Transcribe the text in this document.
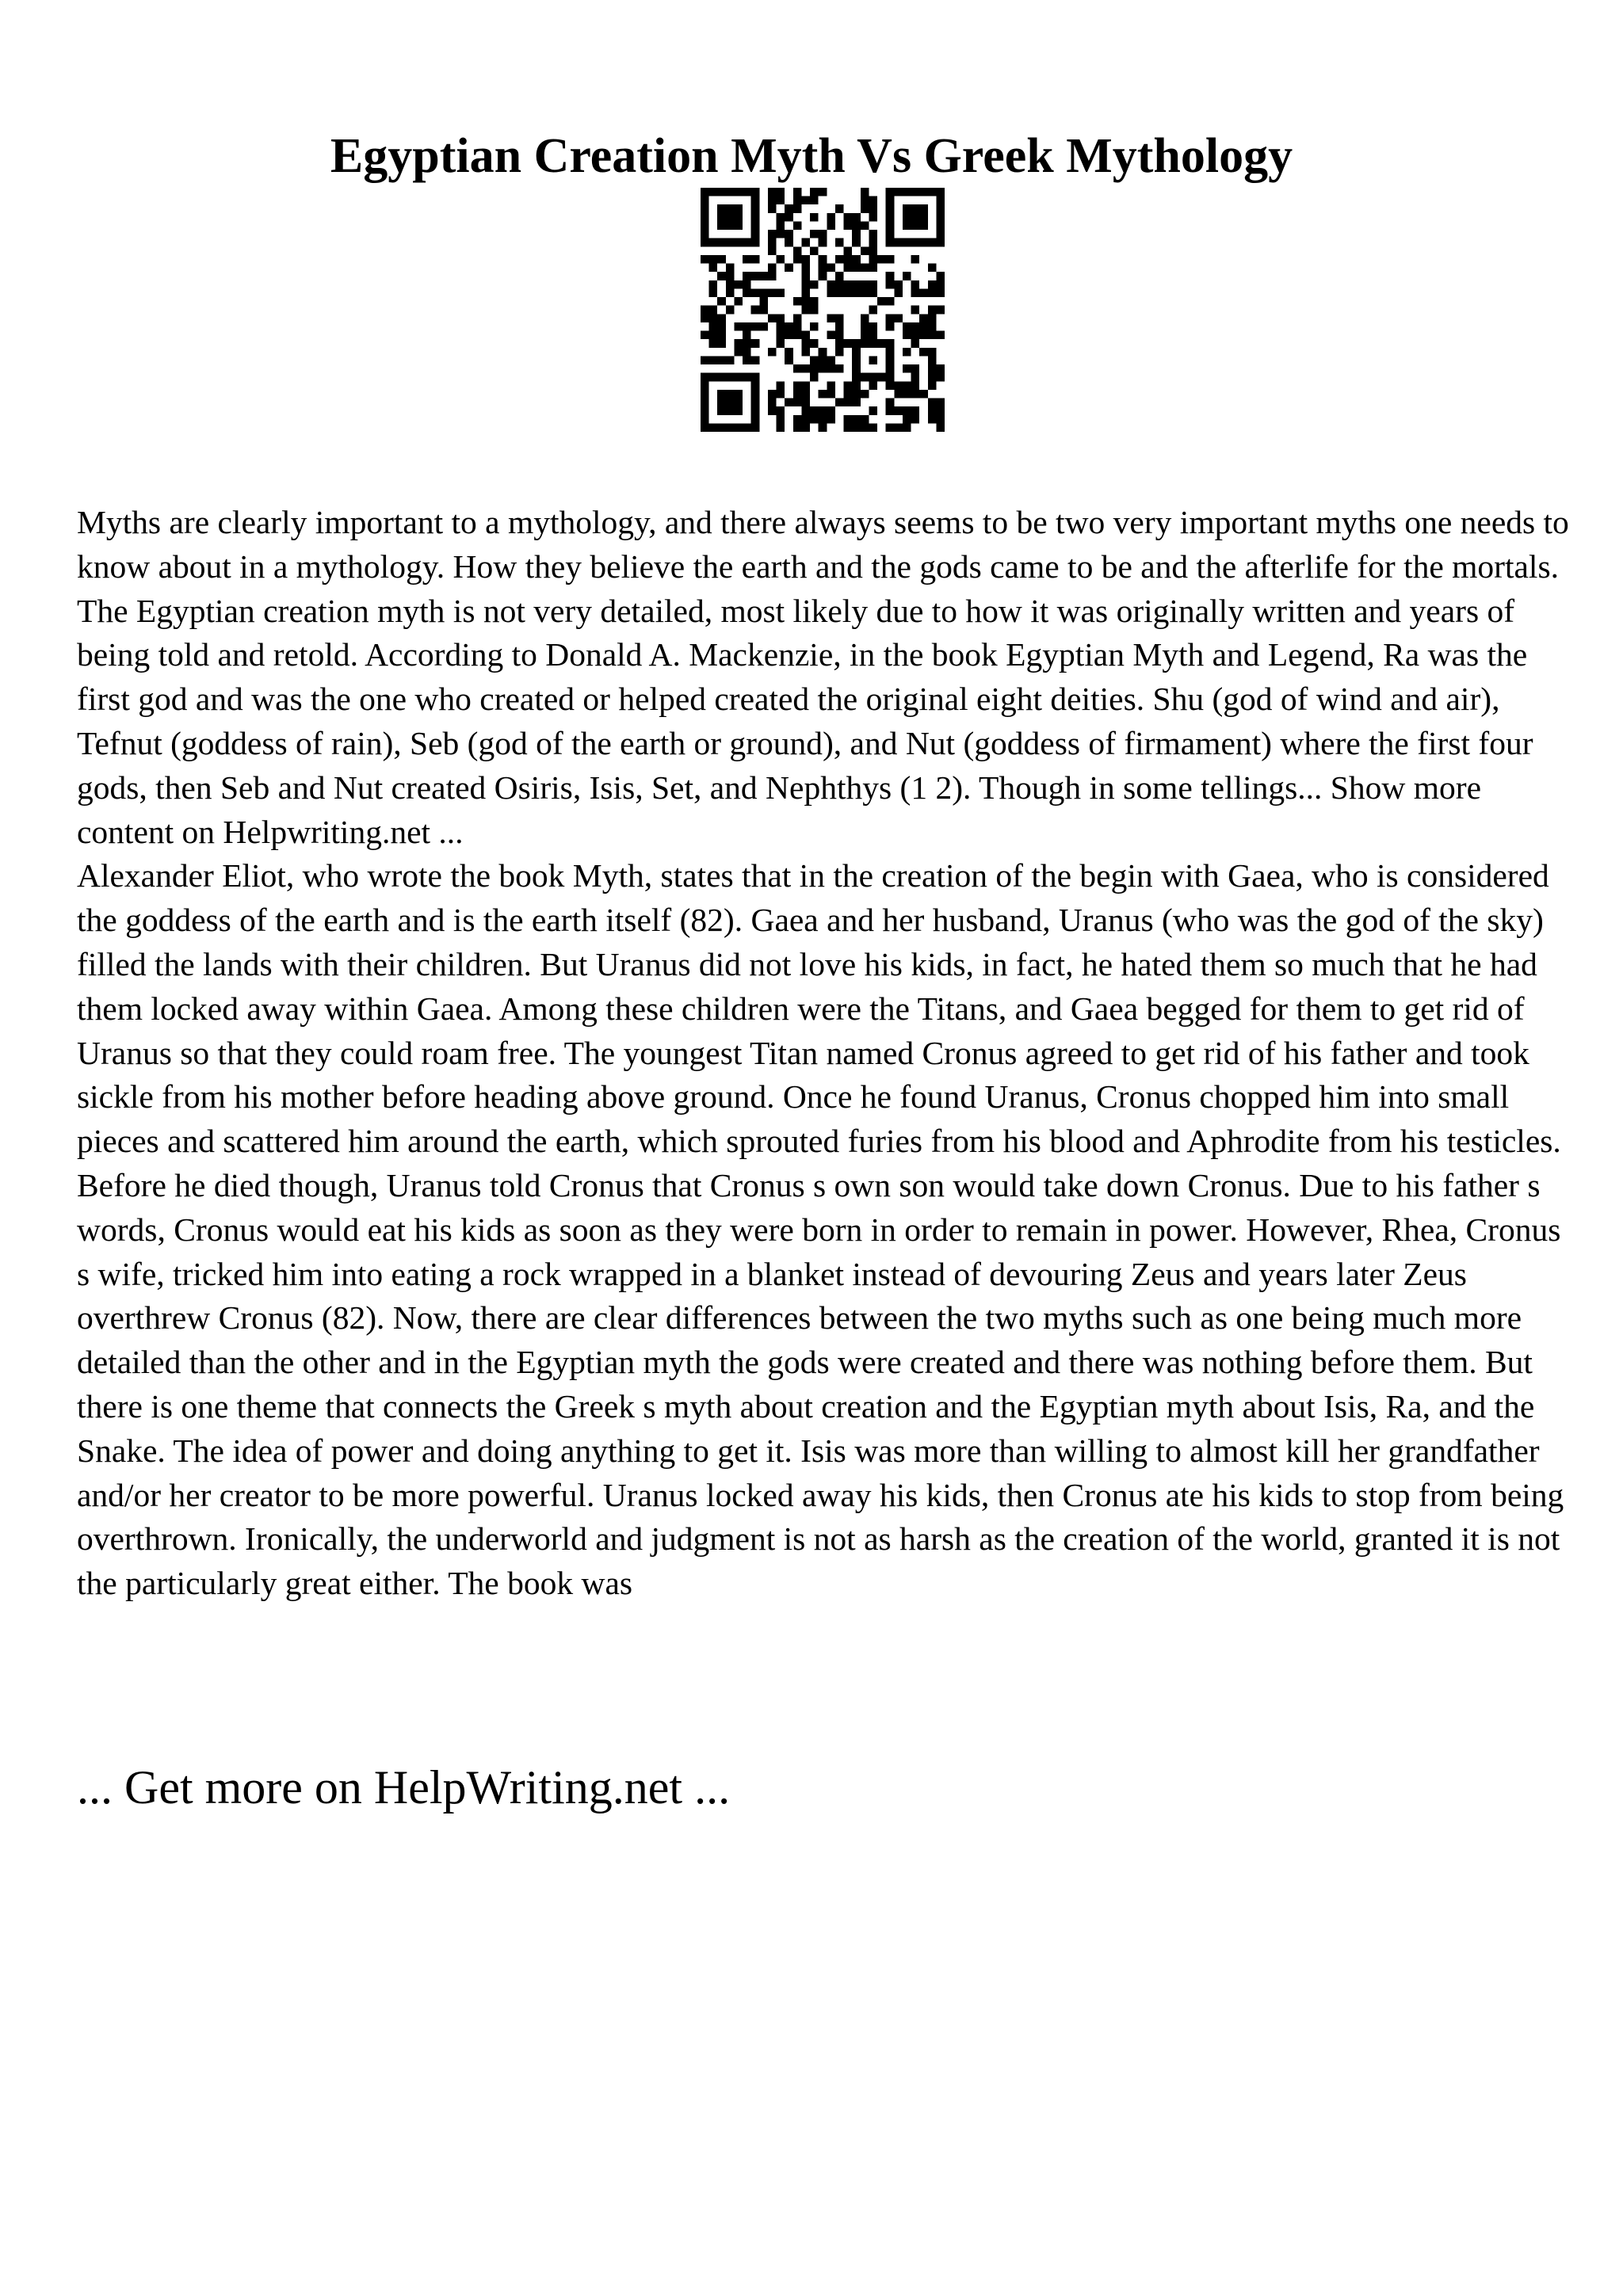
Egyptian Creation Myth Vs Greek Mythology

Myths are clearly important to a mythology, and there always seems to be two very important myths one needs to know about in a mythology. How they believe the earth and the gods came to be and the afterlife for the mortals. The Egyptian creation myth is not very detailed, most likely due to how it was originally written and years of being told and retold. According to Donald A. Mackenzie, in the book Egyptian Myth and Legend, Ra was the first god and was the one who created or helped created the original eight deities. Shu (god of wind and air), Tefnut (goddess of rain), Seb (god of the earth or ground), and Nut (goddess of firmament) where the first four gods, then Seb and Nut created Osiris, Isis, Set, and Nephthys (1 2). Though in some tellings... Show more content on Helpwriting.net ...

Alexander Eliot, who wrote the book Myth, states that in the creation of the begin with Gaea, who is considered the goddess of the earth and is the earth itself (82). Gaea and her husband, Uranus (who was the god of the sky) filled the lands with their children. But Uranus did not love his kids, in fact, he hated them so much that he had them locked away within Gaea. Among these children were the Titans, and Gaea begged for them to get rid of Uranus so that they could roam free. The youngest Titan named Cronus agreed to get rid of his father and took sickle from his mother before heading above ground. Once he found Uranus, Cronus chopped him into small pieces and scattered him around the earth, which sprouted furies from his blood and Aphrodite from his testicles. Before he died though, Uranus told Cronus that Cronus s own son would take down Cronus. Due to his father s words, Cronus would eat his kids as soon as they were born in order to remain in power. However, Rhea, Cronus s wife, tricked him into eating a rock wrapped in a blanket instead of devouring Zeus and years later Zeus overthrew Cronus (82). Now, there are clear differences between the two myths such as one being much more detailed than the other and in the Egyptian myth the gods were created and there was nothing before them. But there is one theme that connects the Greek s myth about creation and the Egyptian myth about Isis, Ra, and the Snake. The idea of power and doing anything to get it. Isis was more than willing to almost kill her grandfather and/or her creator to be more powerful. Uranus locked away his kids, then Cronus ate his kids to stop from being overthrown. Ironically, the underworld and judgment is not as harsh as the creation of the world, granted it is not the particularly great either. The book was

... Get more on HelpWriting.net ...
